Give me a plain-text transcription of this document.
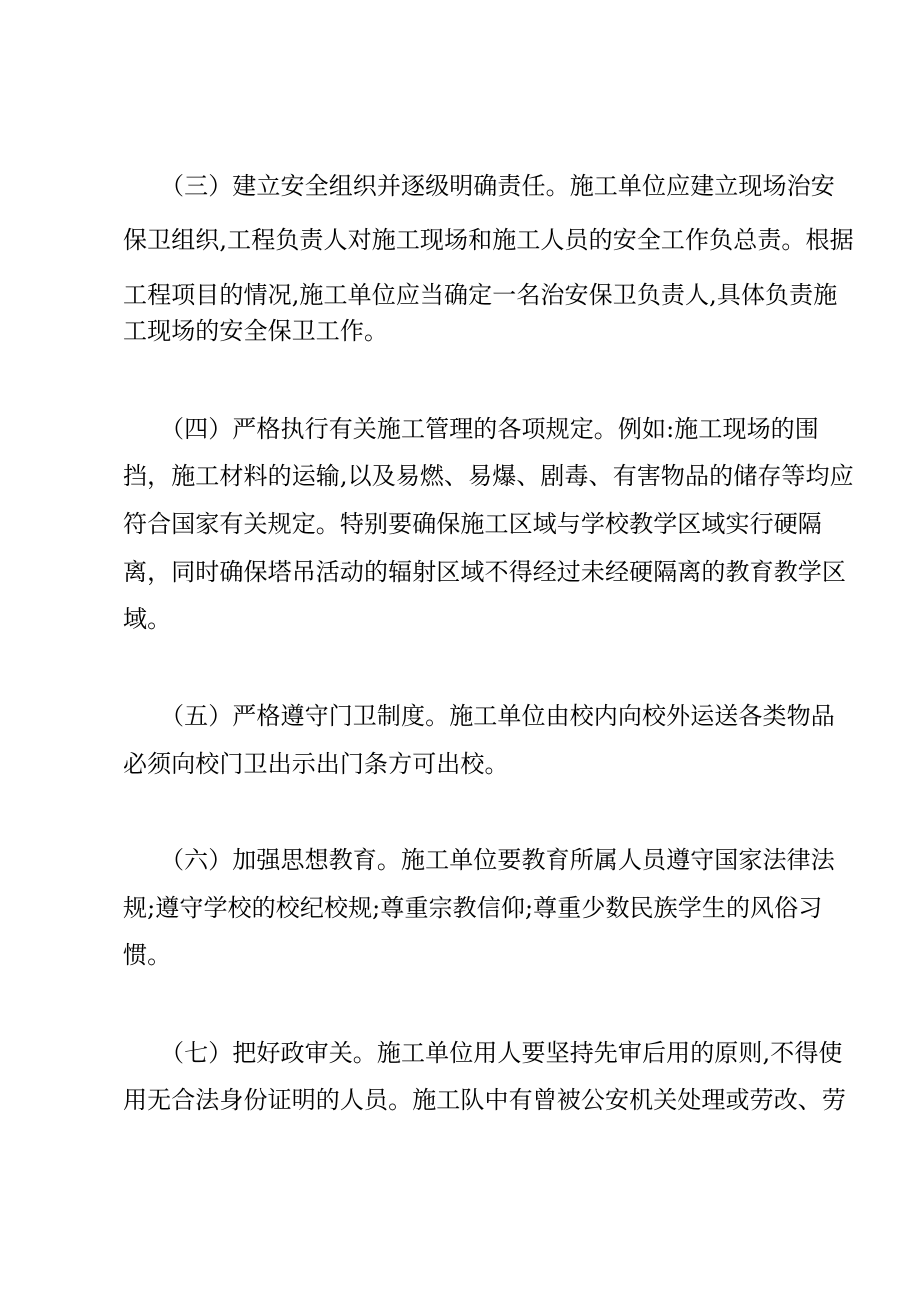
（三）建立安全组织并逐级明确责任。施工单位应建立现场治安
保卫组织,工程负责人对施工现场和施工人员的安全工作负总责。根据
工程项目的情况,施工单位应当确定一名治安保卫负责人,具体负责施
工现场的安全保卫工作。
（四）严格执行有关施工管理的各项规定。例如:施工现场的围
挡，施工材料的运输,以及易燃、易爆、剧毒、有害物品的储存等均应
符合国家有关规定。特别要确保施工区域与学校教学区域实行硬隔
离，同时确保塔吊活动的辐射区域不得经过未经硬隔离的教育教学区
域。
（五）严格遵守门卫制度。施工单位由校内向校外运送各类物品
必须向校门卫出示出门条方可出校。
（六）加强思想教育。施工单位要教育所属人员遵守国家法律法
规;遵守学校的校纪校规;尊重宗教信仰;尊重少数民族学生的风俗习
惯。
（七）把好政审关。施工单位用人要坚持先审后用的原则,不得使
用无合法身份证明的人员。施工队中有曾被公安机关处理或劳改、劳
